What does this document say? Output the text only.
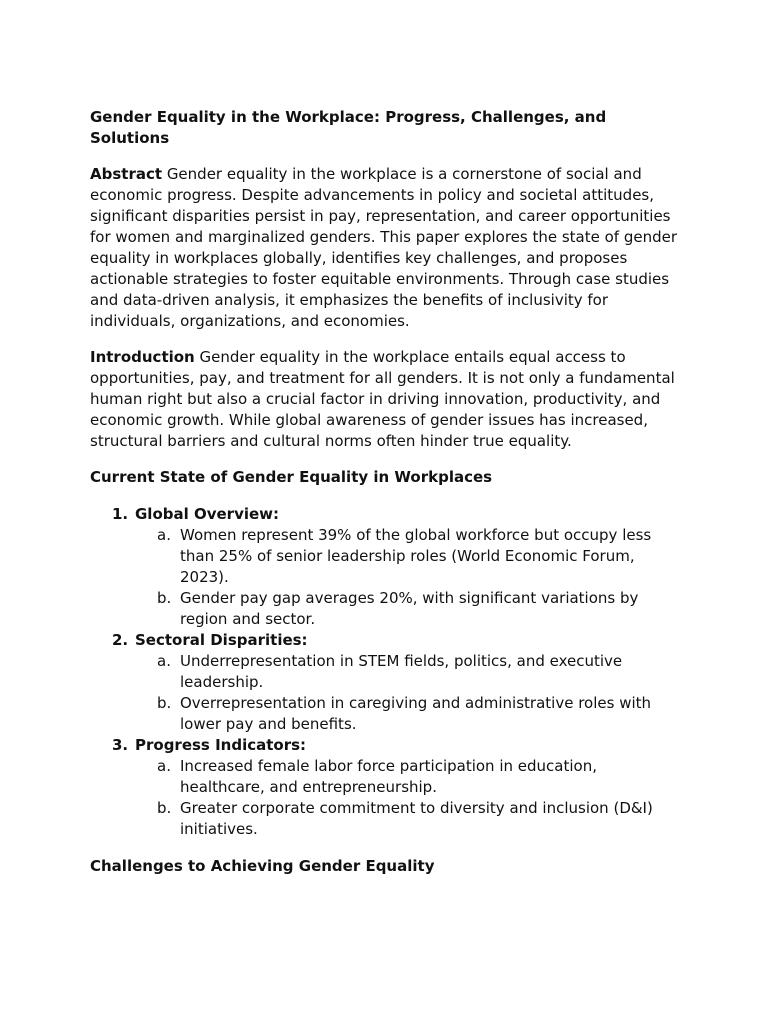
Gender Equality in the Workplace: Progress, Challenges, and Solutions

Abstract Gender equality in the workplace is a cornerstone of social and economic progress. Despite advancements in policy and societal attitudes, significant disparities persist in pay, representation, and career opportunities for women and marginalized genders. This paper explores the state of gender equality in workplaces globally, identifies key challenges, and proposes actionable strategies to foster equitable environments. Through case studies and data-driven analysis, it emphasizes the benefits of inclusivity for individuals, organizations, and economies.

Introduction Gender equality in the workplace entails equal access to opportunities, pay, and treatment for all genders. It is not only a fundamental human right but also a crucial factor in driving innovation, productivity, and economic growth. While global awareness of gender issues has increased, structural barriers and cultural norms often hinder true equality.

Current State of Gender Equality in Workplaces
1. Global Overview:
a. Women represent 39% of the global workforce but occupy less than 25% of senior leadership roles (World Economic Forum, 2023).
b. Gender pay gap averages 20%, with significant variations by region and sector.
2. Sectoral Disparities:
a. Underrepresentation in STEM fields, politics, and executive leadership.
b. Overrepresentation in caregiving and administrative roles with lower pay and benefits.
3. Progress Indicators:
a. Increased female labor force participation in education, healthcare, and entrepreneurship.
b. Greater corporate commitment to diversity and inclusion (D&I) initiatives.
Challenges to Achieving Gender Equality
